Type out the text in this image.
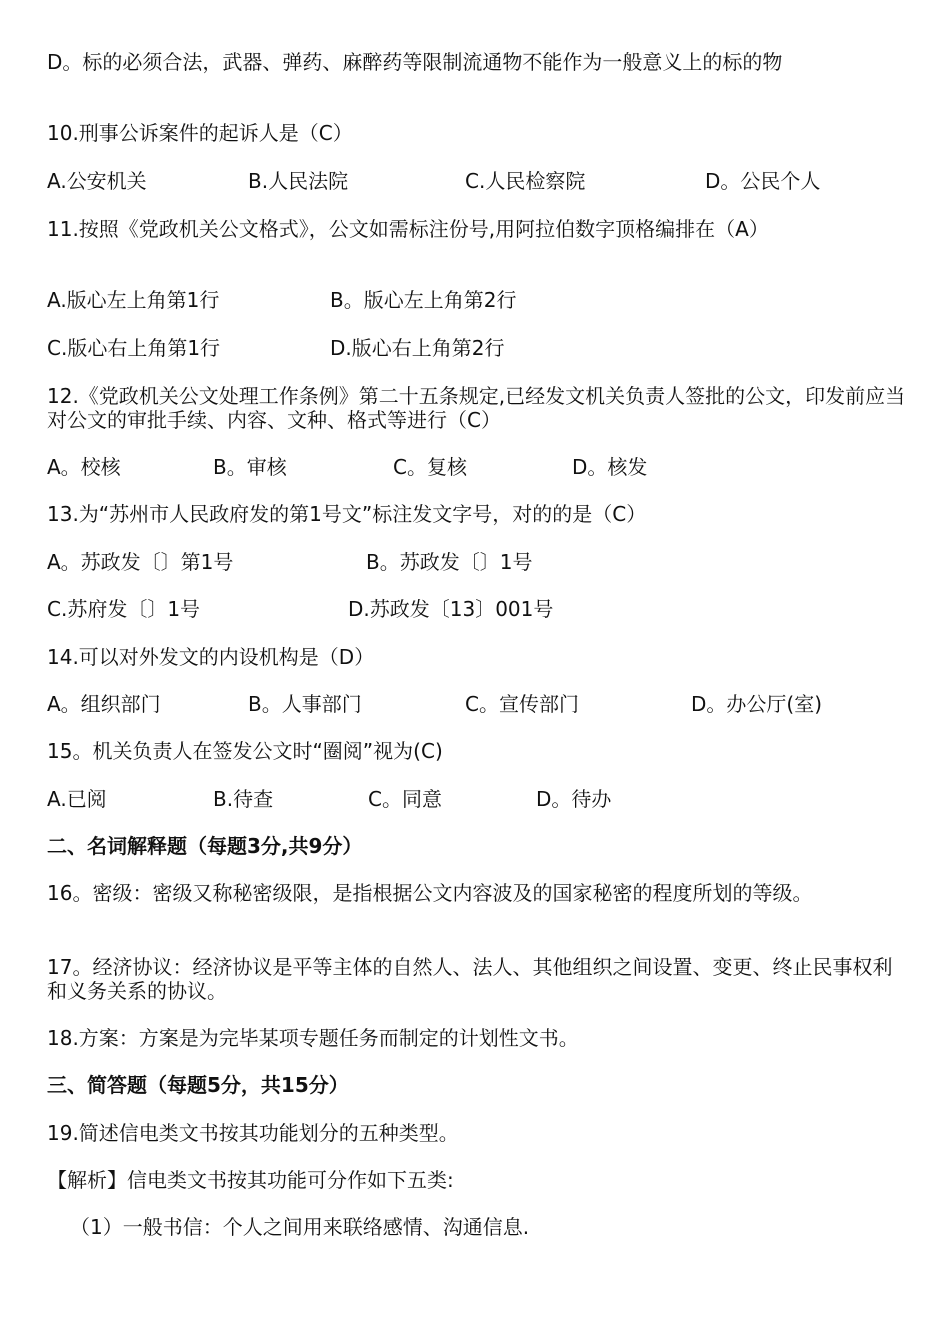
D。标的必须合法，武器、弹药、麻醉药等限制流通物不能作为一般意义上的标的物
10.刑事公诉案件的起诉人是（C）
A.公安机关	B.人民法院	C.人民检察院	D。公民个人
11.按照《党政机关公文格式》，公文如需标注份号,用阿拉伯数字顶格编排在（A）
A.版心左上角第1行	B。版心左上角第2行
C.版心右上角第1行	D.版心右上角第2行
12.《党政机关公文处理工作条例》第二十五条规定,已经发文机关负责人签批的公文，印发前应当对公文的审批手续、内容、文种、格式等进行（C）
A。校核	B。审核	C。复核	D。核发
13.为“苏州市人民政府发的第1号文”标注发文字号，对的的是（C）
A。苏政发〔〕第1号	B。苏政发〔〕1号
C.苏府发〔〕1号	D.苏政发〔13〕001号
14.可以对外发文的内设机构是（D）
A。组织部门	B。人事部门	C。宣传部门	D。办公厅(室)
15。机关负责人在签发公文时“圈阅”视为(C)
A.已阅	B.待查	C。同意	D。待办
二、名词解释题（每题3分,共9分）
16。密级：密级又称秘密级限，是指根据公文内容波及的国家秘密的程度所划的等级。
17。经济协议：经济协议是平等主体的自然人、法人、其他组织之间设置、变更、终止民事权利和义务关系的协议。
18.方案：方案是为完毕某项专题任务而制定的计划性文书。
三、简答题（每题5分，共15分）
19.简述信电类文书按其功能划分的五种类型。
【解析】信电类文书按其功能可分作如下五类:
（1）一般书信：个人之间用来联络感情、沟通信息.
